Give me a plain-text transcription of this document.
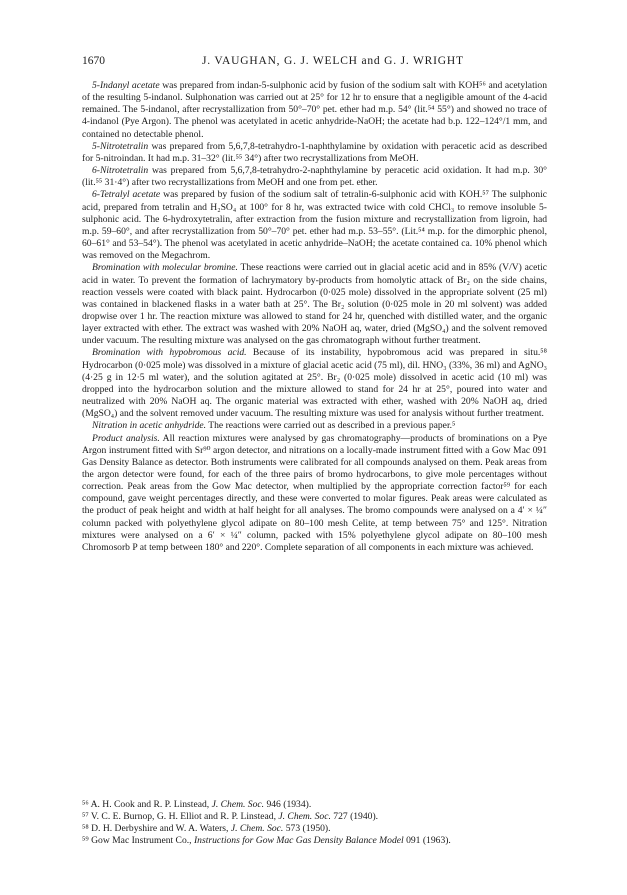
1670	J. VAUGHAN, G. J. WELCH and G. J. WRIGHT

5-Indanyl acetate was prepared from indan-5-sulphonic acid by fusion of the sodium salt with KOH⁵⁶ and acetylation of the resulting 5-indanol. Sulphonation was carried out at 25° for 12 hr to ensure that a negligible amount of the 4-acid remained. The 5-indanol, after recrystallization from 50°–70° pet. ether had m.p. 54° (lit.⁵⁴ 55°) and showed no trace of 4-indanol (Pye Argon). The phenol was acetylated in acetic anhydride-NaOH; the acetate had b.p. 122–124°/1 mm, and contained no detectable phenol.

5-Nitrotetralin was prepared from 5,6,7,8-tetrahydro-1-naphthylamine by oxidation with peracetic acid as described for 5-nitroindan. It had m.p. 31–32° (lit.⁵⁵ 34°) after two recrystallizations from MeOH.

6-Nitrotetralin was prepared from 5,6,7,8-tetrahydro-2-naphthylamine by peracetic acid oxidation. It had m.p. 30° (lit.⁵⁵ 31·4°) after two recrystallizations from MeOH and one from pet. ether.

6-Tetralyl acetate was prepared by fusion of the sodium salt of tetralin-6-sulphonic acid with KOH.⁵⁷ The sulphonic acid, prepared from tetralin and H₂SO₄ at 100° for 8 hr, was extracted twice with cold CHCl₃ to remove insoluble 5-sulphonic acid. The 6-hydroxytetralin, after extraction from the fusion mixture and recrystallization from ligroin, had m.p. 59–60°, and after recrystallization from 50°–70° pet. ether had m.p. 53–55°. (Lit.⁵⁴ m.p. for the dimorphic phenol, 60–61° and 53–54°). The phenol was acetylated in acetic anhydride–NaOH; the acetate contained ca. 10% phenol which was removed on the Megachrom.

Bromination with molecular bromine. These reactions were carried out in glacial acetic acid and in 85% (V/V) acetic acid in water. To prevent the formation of lachrymatory by-products from homolytic attack of Br₂ on the side chains, reaction vessels were coated with black paint. Hydrocarbon (0·025 mole) dissolved in the appropriate solvent (25 ml) was contained in blackened flasks in a water bath at 25°. The Br₂ solution (0·025 mole in 20 ml solvent) was added dropwise over 1 hr. The reaction mixture was allowed to stand for 24 hr, quenched with distilled water, and the organic layer extracted with ether. The extract was washed with 20% NaOH aq, water, dried (MgSO₄) and the solvent removed under vacuum. The resulting mixture was analysed on the gas chromatograph without further treatment.

Bromination with hypobromous acid. Because of its instability, hypobromous acid was prepared in situ.⁵⁸ Hydrocarbon (0·025 mole) was dissolved in a mixture of glacial acetic acid (75 ml), dil. HNO₃ (33%, 36 ml) and AgNO₃ (4·25 g in 12·5 ml water), and the solution agitated at 25°. Br₂ (0·025 mole) dissolved in acetic acid (10 ml) was dropped into the hydrocarbon solution and the mixture allowed to stand for 24 hr at 25°, poured into water and neutralized with 20% NaOH aq. The organic material was extracted with ether, washed with 20% NaOH aq, dried (MgSO₄) and the solvent removed under vacuum. The resulting mixture was used for analysis without further treatment.

Nitration in acetic anhydride. The reactions were carried out as described in a previous paper.⁵

Product analysis. All reaction mixtures were analysed by gas chromatography—products of brominations on a Pye Argon instrument fitted with Sr⁹⁰ argon detector, and nitrations on a locally-made instrument fitted with a Gow Mac 091 Gas Density Balance as detector. Both instruments were calibrated for all compounds analysed on them. Peak areas from the argon detector were found, for each of the three pairs of bromo hydrocarbons, to give mole percentages without correction. Peak areas from the Gow Mac detector, when multiplied by the appropriate correction factor⁵⁹ for each compound, gave weight percentages directly, and these were converted to molar figures. Peak areas were calculated as the product of peak height and width at half height for all analyses. The bromo compounds were analysed on a 4′ × ¼″ column packed with polyethylene glycol adipate on 80–100 mesh Celite, at temp between 75° and 125°. Nitration mixtures were analysed on a 6′ × ¼″ column, packed with 15% polyethylene glycol adipate on 80–100 mesh Chromosorb P at temp between 180° and 220°. Complete separation of all components in each mixture was achieved.

⁵⁶ A. H. Cook and R. P. Linstead, J. Chem. Soc. 946 (1934).
⁵⁷ V. C. E. Burnop, G. H. Elliot and R. P. Linstead, J. Chem. Soc. 727 (1940).
⁵⁸ D. H. Derbyshire and W. A. Waters, J. Chem. Soc. 573 (1950).
⁵⁹ Gow Mac Instrument Co., Instructions for Gow Mac Gas Density Balance Model 091 (1963).
